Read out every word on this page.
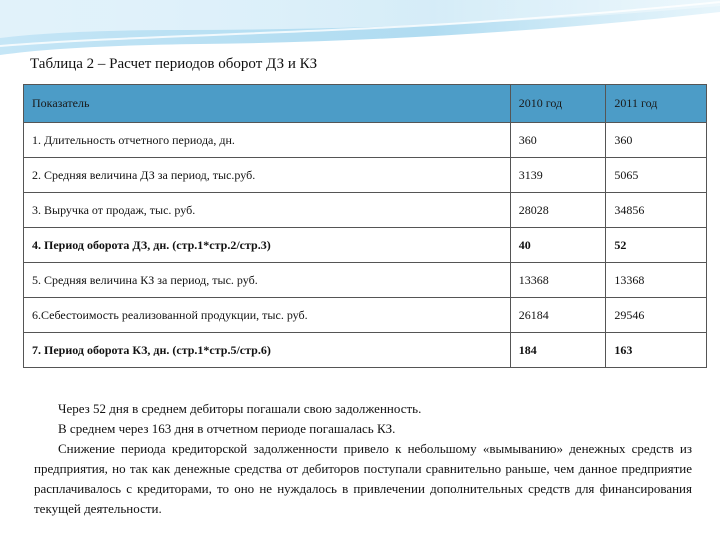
Таблица 2 – Расчет периодов оборот ДЗ и КЗ
Показатель	2010 год	2011 год
1. Длительность отчетного периода, дн.	360	360
2. Средняя величина ДЗ за период, тыс.руб.	3139	5065
3. Выручка от продаж, тыс. руб.	28028	34856
4. Период оборота ДЗ, дн. (стр.1*стр.2/стр.3)	40	52
5. Средняя величина КЗ за период, тыс. руб.	13368	13368
6.Себестоимость реализованной продукции, тыс. руб.	26184	29546
7. Период оборота КЗ, дн. (стр.1*стр.5/стр.6)	184	163

Через 52 дня в среднем дебиторы погашали свою задолженность.

В среднем через 163 дня в отчетном периоде погашалась КЗ.

Снижение периода кредиторской задолженности привело к небольшому «вымыванию» денежных средств из предприятия, но так как денежные средства от дебиторов поступали сравнительно раньше, чем данное предприятие расплачивалось с кредиторами, то оно не нуждалось в привлечении дополнительных средств для финансирования текущей деятельности.
